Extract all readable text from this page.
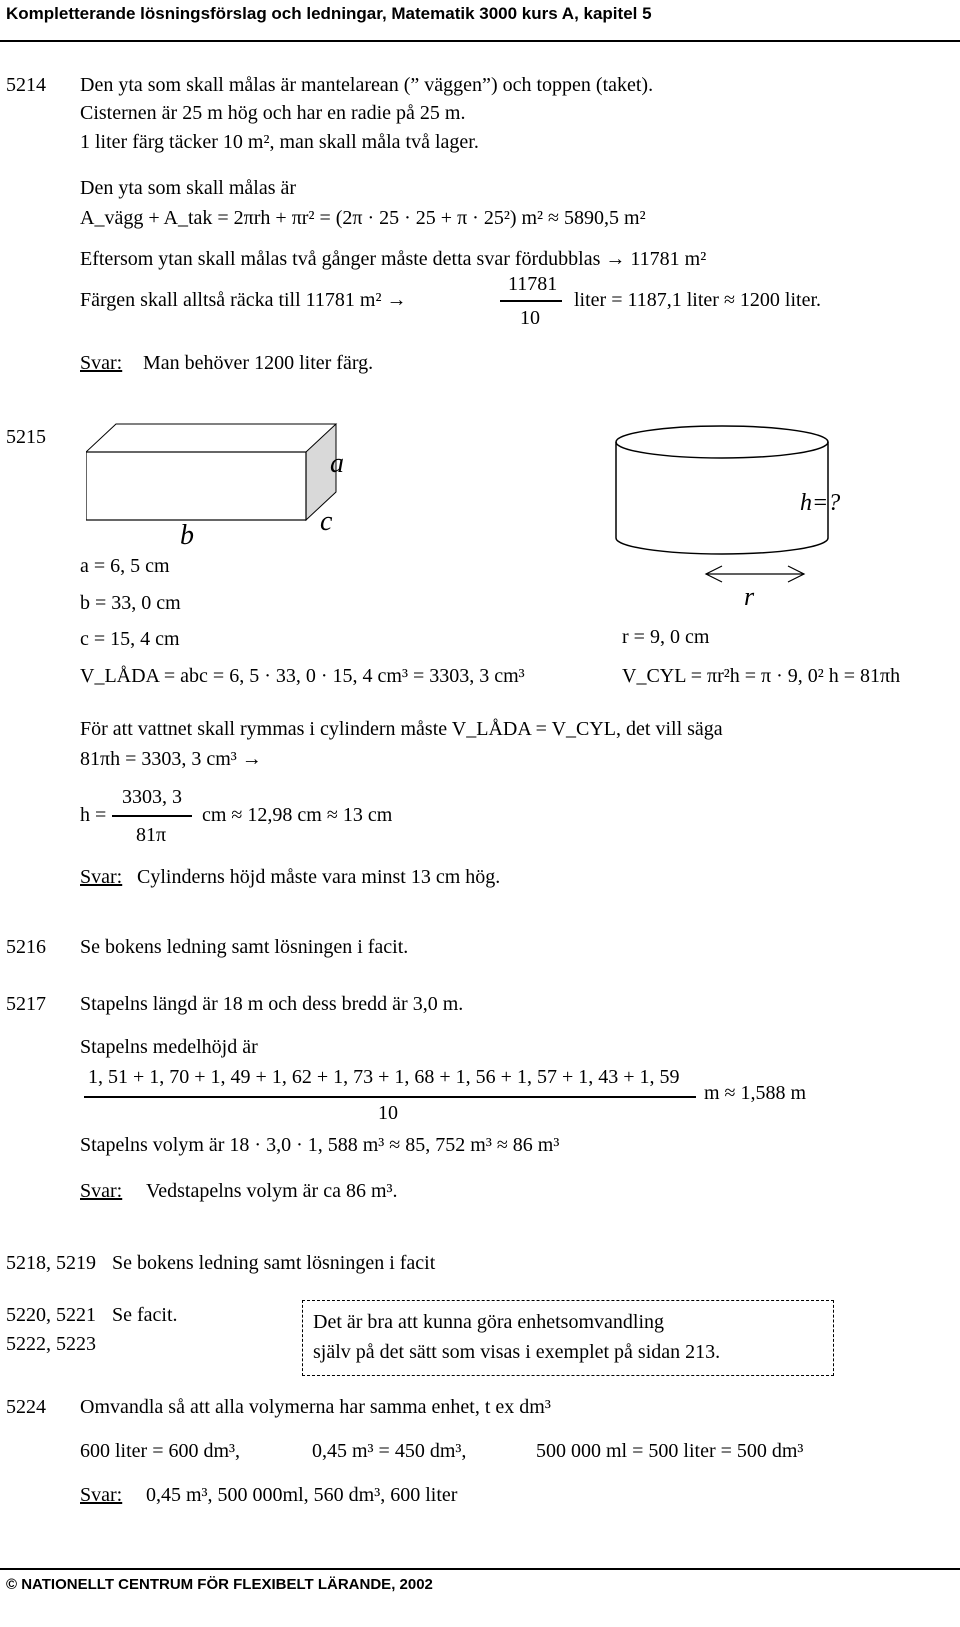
Kompletterande lösningsförslag och ledningar, Matematik 3000 kurs A, kapitel 5
5214 Den yta som skall målas är mantelarean (” väggen”) och toppen (taket).
Cisternen är 25 m hög och har en radie på 25 m.
1 liter färg täcker 10 m², man skall måla två lager.
Den yta som skall målas är
A_vägg + A_tak = 2πrh + πr² = (2π · 25 · 25 + π · 25²) m² ≈ 5890,5 m²
Eftersom ytan skall målas två gånger måste detta svar fördubblas → 11781 m²
Färgen skall alltså räcka till 11781 m² →
11781
10
liter = 1187,1 liter ≈ 1200 liter.
Svar: Man behöver 1200 liter färg.
5215
a
b	c
a = 6, 5 cm
b = 33, 0 cm
c = 15, 4 cm
V_LÅDA = abc = 6, 5 · 33, 0 · 15, 4 cm³ = 3303, 3 cm³
h=?
r
r = 9, 0 cm
V_CYL = πr²h = π · 9, 0² h = 81πh
För att vattnet skall rymmas i cylindern måste V_LÅDA = V_CYL, det vill säga
81πh = 3303, 3 cm³ →
h =
3303, 3
81π
cm ≈ 12,98 cm ≈ 13 cm
Svar: Cylinderns höjd måste vara minst 13 cm hög.
5216 Se bokens ledning samt lösningen i facit.
5217 Stapelns längd är 18 m och dess bredd är 3,0 m.
Stapelns medelhöjd är
1, 51 + 1, 70 + 1, 49 + 1, 62 + 1, 73 + 1, 68 + 1, 56 + 1, 57 + 1, 43 + 1, 59
10
m ≈ 1,588 m
Stapelns volym är 18 · 3,0 · 1, 588 m³ ≈ 85, 752 m³ ≈ 86 m³
Svar: Vedstapelns volym är ca 86 m³.
5218, 5219 Se bokens ledning samt lösningen i facit
5220, 5221 Se facit.
5222, 5223
Det är bra att kunna göra enhetsomvandling
själv på det sätt som visas i exemplet på sidan 213.
5224 Omvandla så att alla volymerna har samma enhet, t ex dm³
600 liter = 600 dm³,	0,45 m³ = 450 dm³,	500 000 ml = 500 liter = 500 dm³
Svar: 0,45 m³, 500 000ml, 560 dm³, 600 liter
© NATIONELLT CENTRUM FÖR FLEXIBELT LÄRANDE, 2002
